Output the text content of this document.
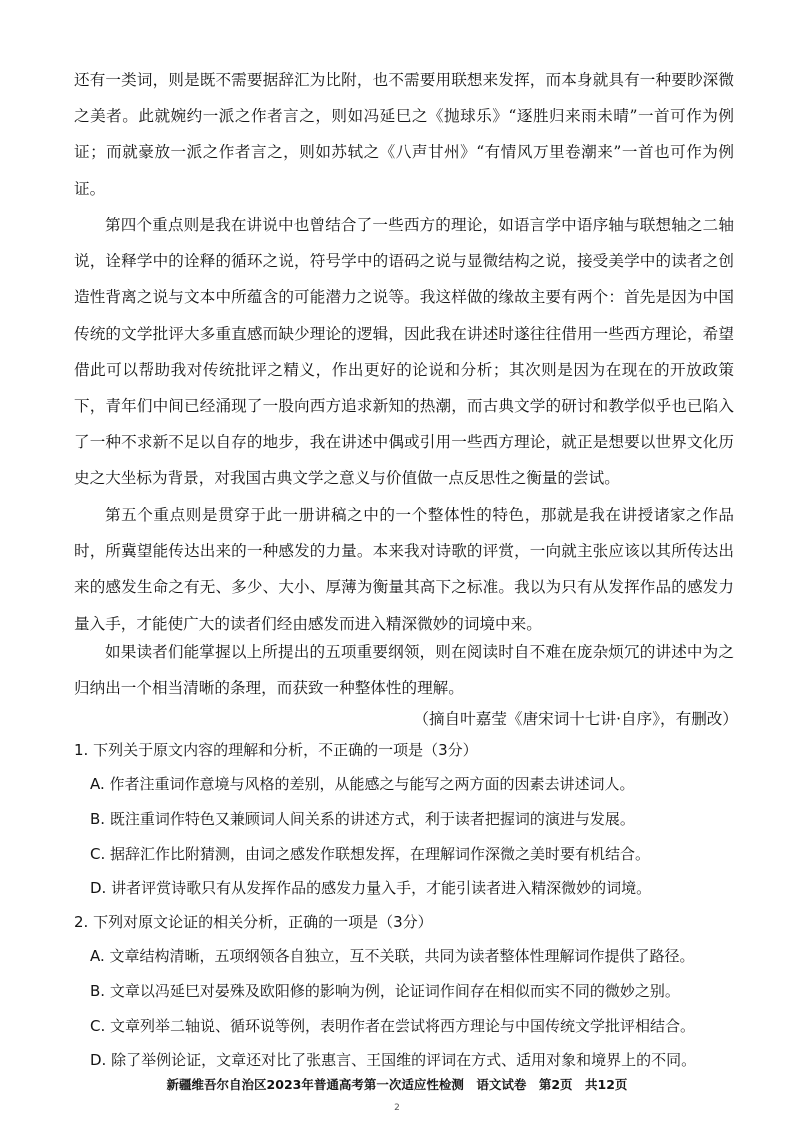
还有一类词，则是既不需要据辞汇为比附，也不需要用联想来发挥，而本身就具有一种要眇深微之美者。此就婉约一派之作者言之，则如冯延巳之《抛球乐》“逐胜归来雨未晴”一首可作为例证；而就豪放一派之作者言之，则如苏轼之《八声甘州》“有情风万里卷潮来”一首也可作为例证。

第四个重点则是我在讲说中也曾结合了一些西方的理论，如语言学中语序轴与联想轴之二轴说，诠释学中的诠释的循环之说，符号学中的语码之说与显微结构之说，接受美学中的读者之创造性背离之说与文本中所蕴含的可能潜力之说等。我这样做的缘故主要有两个：首先是因为中国传统的文学批评大多重直感而缺少理论的逻辑，因此我在讲述时遂往往借用一些西方理论，希望借此可以帮助我对传统批评之精义，作出更好的论说和分析；其次则是因为在现在的开放政策下，青年们中间已经涌现了一股向西方追求新知的热潮，而古典文学的研讨和教学似乎也已陷入了一种不求新不足以自存的地步，我在讲述中偶或引用一些西方理论，就正是想要以世界文化历史之大坐标为背景，对我国古典文学之意义与价值做一点反思性之衡量的尝试。

第五个重点则是贯穿于此一册讲稿之中的一个整体性的特色，那就是我在讲授诸家之作品时，所冀望能传达出来的一种感发的力量。本来我对诗歌的评赏，一向就主张应该以其所传达出来的感发生命之有无、多少、大小、厚薄为衡量其高下之标准。我以为只有从发挥作品的感发力量入手，才能使广大的读者们经由感发而进入精深微妙的词境中来。

如果读者们能掌握以上所提出的五项重要纲领，则在阅读时自不难在庞杂烦冗的讲述中为之归纳出一个相当清晰的条理，而获致一种整体性的理解。

（摘自叶嘉莹《唐宋词十七讲·自序》，有删改）
1. 下列关于原文内容的理解和分析，不正确的一项是（3分）
A. 作者注重词作意境与风格的差别，从能感之与能写之两方面的因素去讲述词人。
B. 既注重词作特色又兼顾词人间关系的讲述方式，利于读者把握词的演进与发展。
C. 据辞汇作比附猜测，由词之感发作联想发挥，在理解词作深微之美时要有机结合。
D. 讲者评赏诗歌只有从发挥作品的感发力量入手，才能引读者进入精深微妙的词境。
2. 下列对原文论证的相关分析，正确的一项是（3分）
A. 文章结构清晰，五项纲领各自独立，互不关联，共同为读者整体性理解词作提供了路径。
B. 文章以冯延巳对晏殊及欧阳修的影响为例，论证词作间存在相似而实不同的微妙之别。
C. 文章列举二轴说、循环说等例，表明作者在尝试将西方理论与中国传统文学批评相结合。
D. 除了举例论证，文章还对比了张惠言、王国维的评词在方式、适用对象和境界上的不同。
新疆维吾尔自治区2023年普通高考第一次适应性检测　语文试卷　第2页　共12页
2
